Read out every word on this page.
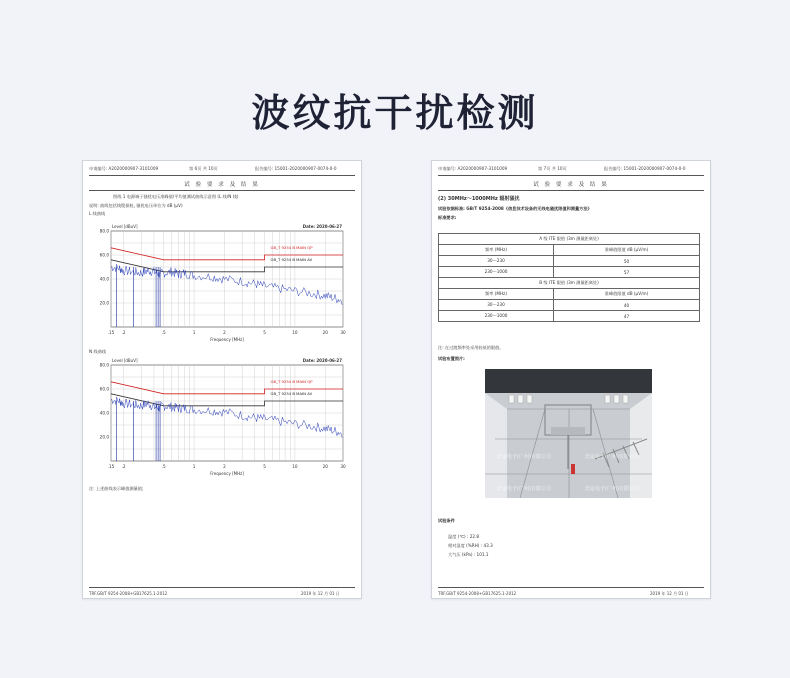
波纹抗干扰检测
申请编号: A2020000907-3101009	第 6页 共 10页	报告编号: 15001-2020000907-0074-0-0
试 验 要 求 及 结 果
图线 1 电源端子骚扰电压准峰值/平均值测试曲线示意图 (L 线/N 线)
说明: 曲线包括线缆损耗, 骚扰电压单位为 dB (μV)
L 线曲线
20.0
40.0
60.0
80.0
.15 .2	.5	1	2	5	10	20	30
Level [dBuV]
Frequency [MHz]
Date: 2020-06-27
GB_T 9254 B MAIN QP
GB_T 9254 B MAIN AV
N 线曲线
20.0
40.0
60.0
80.0
.15 .2	.5	1	2	5	10	20	30
Level [dBuV]
Frequency [MHz]
Date: 2020-06-27
GB_T 9254 B MAIN QP
GB_T 9254 B MAIN AV
注: 上述曲线表示峰值测量值;
TRF.GB/T 9254-2008+GB17625.1-2012	2019 年 12 月 01 日
申请编号: A2020000907-3101009	第 7页 共 10页	报告编号: 15001-2020000907-0074-0-0
试 验 要 求 及 结 果
(2) 30MHz～1000MHz 辐射骚扰
试验依据标准: GB/T 9254-2008《信息技术设备的无线电骚扰限值和测量方法》
标准要求:
A 级 ITE 限值 (3m 测量距离处)	
频率 (MHz)	准峰值限值 dB (μV/m)
30～230	50
230～1000	57
B 级 ITE 限值 (3m 测量距离处)	
频率 (MHz)	准峰值限值 dB (μV/m)
30～230	40
230～1000	47
注: 在过渡频率处采用较低的限值。
试验布置照片:
忠运电子(广州)有限公司	忠运电子(广州)有限公司
忠运电子(广州)有限公司	忠运电子(广州)有限公司
试验条件
温度 (℃) : 22.8
相对湿度 (%RH) : 43.3
大气压 (kPa) : 101.1
TRF.GB/T 9254-2008+GB17625.1-2012	2019 年 12 月 01 日
